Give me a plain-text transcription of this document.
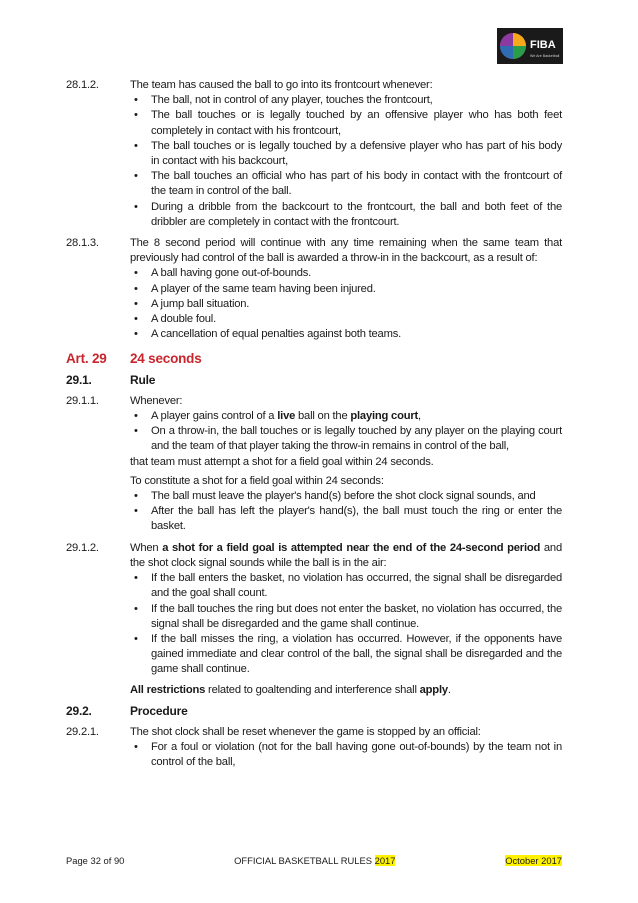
FIBA
We Are Basketball
28.1.2.	The team has caused the ball to go into its frontcourt whenever:

• The ball, not in control of any player, touches the frontcourt,
• The ball touches or is legally touched by an offensive player who has both feet completely in contact with his frontcourt,
• The ball touches or is legally touched by a defensive player who has part of his body in contact with his backcourt,
• The ball touches an official who has part of his body in contact with the frontcourt of the team in control of the ball.
• During a dribble from the backcourt to the frontcourt, the ball and both feet of the dribbler are completely in contact with the frontcourt.
28.1.3.	The 8 second period will continue with any time remaining when the same team that previously had control of the ball is awarded a throw-in in the backcourt, as a result of:

• A ball having gone out-of-bounds.
• A player of the same team having been injured.
• A jump ball situation.
• A double foul.
• A cancellation of equal penalties against both teams.
Art. 29	24 seconds
29.1.	Rule
29.1.1.	Whenever:

• A player gains control of a live ball on the playing court,
• On a throw-in, the ball touches or is legally touched by any player on the playing court and the team of that player taking the throw-in remains in control of the ball,

that team must attempt a shot for a field goal within 24 seconds.

To constitute a shot for a field goal within 24 seconds:

• The ball must leave the player's hand(s) before the shot clock signal sounds, and
• After the ball has left the player's hand(s), the ball must touch the ring or enter the basket.
29.1.2.	When a shot for a field goal is attempted near the end of the 24-second period and the shot clock signal sounds while the ball is in the air:

• If the ball enters the basket, no violation has occurred, the signal shall be disregarded and the goal shall count.
• If the ball touches the ring but does not enter the basket, no violation has occurred, the signal shall be disregarded and the game shall continue.
• If the ball misses the ring, a violation has occurred. However, if the opponents have gained immediate and clear control of the ball, the signal shall be disregarded and the game shall continue.

All restrictions related to goaltending and interference shall apply.

29.2.	Procedure
29.2.1.	The shot clock shall be reset whenever the game is stopped by an official:

• For a foul or violation (not for the ball having gone out-of-bounds) by the team not in control of the ball,
Page 32 of 90	OFFICIAL BASKETBALL RULES 2017	October 2017
